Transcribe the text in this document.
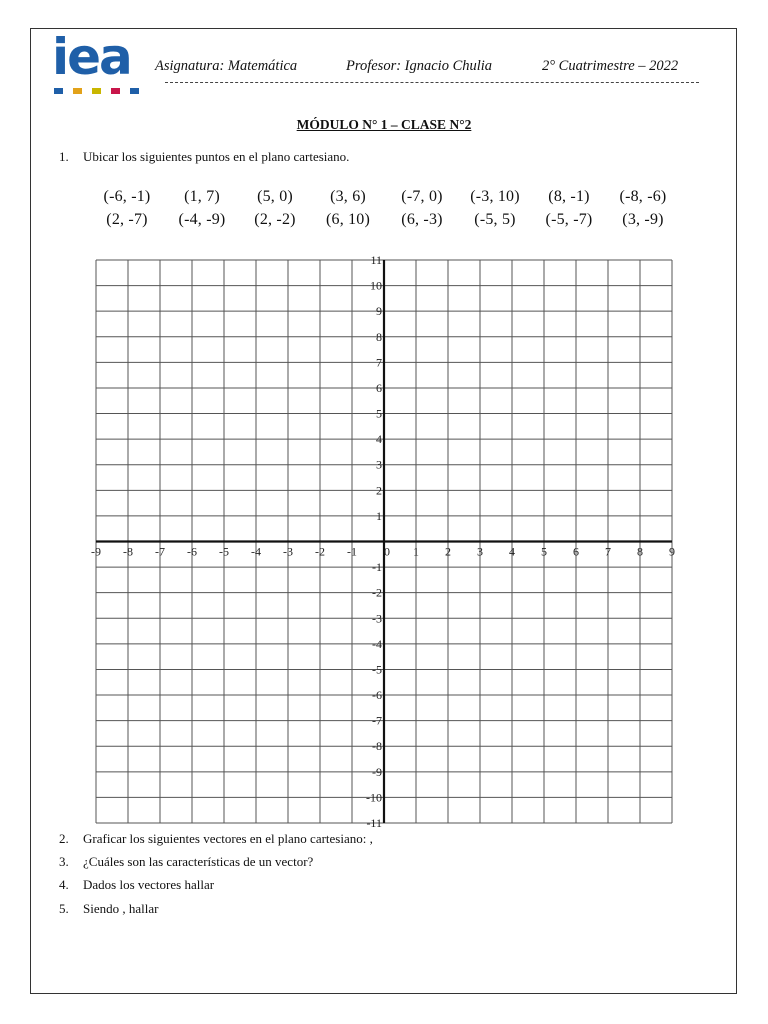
iea Asignatura: Matemática	Profesor: Ignacio Chulia	2° Cuatrimestre – 2022
MÓDULO N° 1 – CLASE N°2
1. Ubicar los siguientes puntos en el plano cartesiano.
(-6, -1) (1, 7) (5, 0) (3, 6) (-7, 0) (-3, 10) (8, -1) (-8, -6)
(2, -7) (-4, -9) (2, -2) (6, 10) (6, -3) (-5, 5) (-5, -7) (3, -9)
-9 -8 -7 -6 -5 -4 -3 -2 -1 0 1 2 3 4 5 6 7 8 9
-11
-10
-9
-8
-7
-6
-5
-4
-3
-2
-1
1
2
3
4
5
6
7
8
9
10
11
2. Graficar los siguientes vectores en el plano cartesiano: ,
3. ¿Cuáles son las características de un vector?
4. Dados los vectores hallar
5. Siendo , hallar
